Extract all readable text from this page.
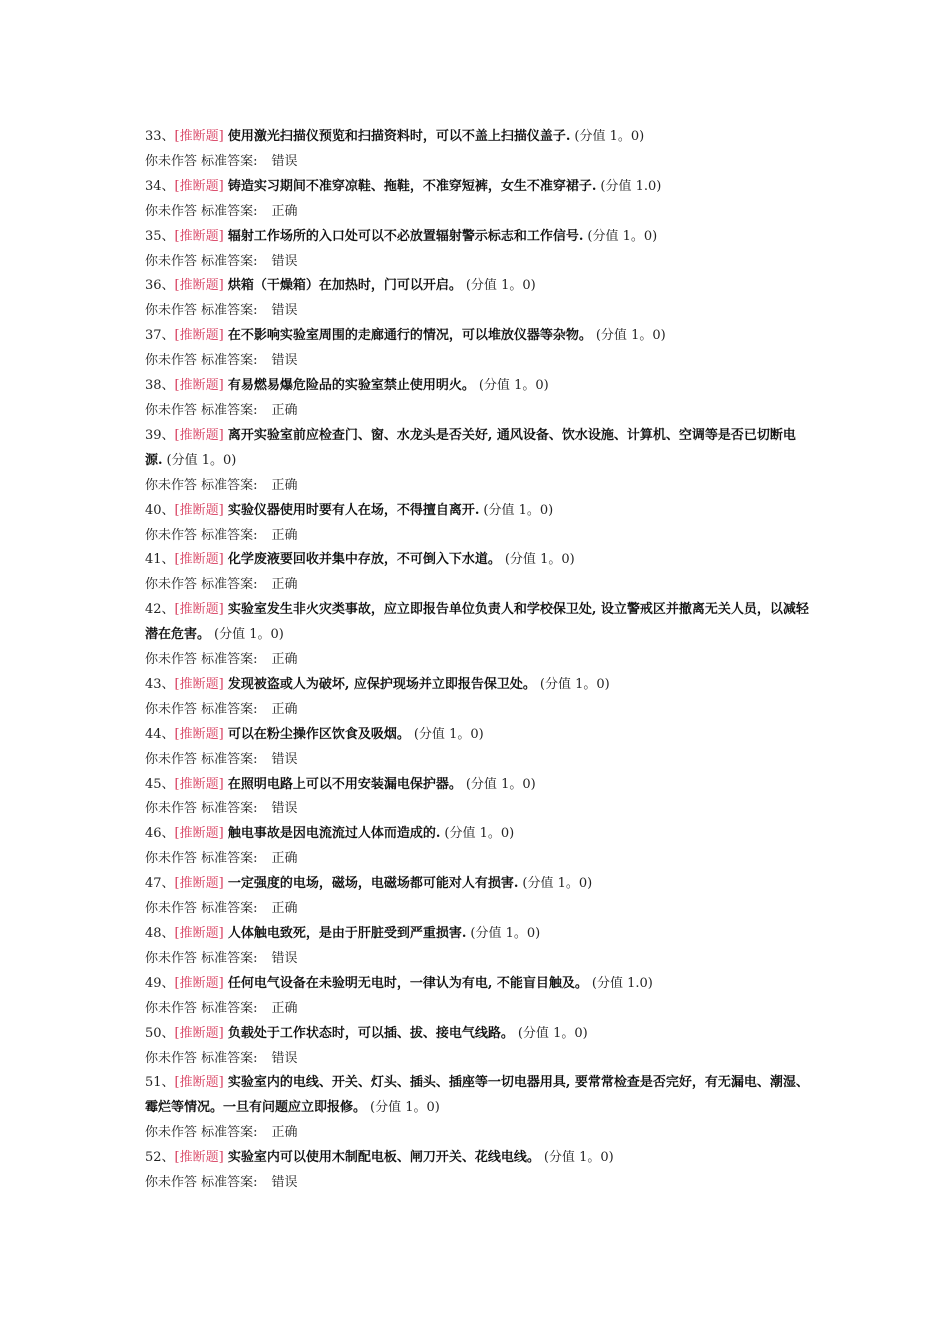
33、[推断题] 使用激光扫描仪预览和扫描资料时，可以不盖上扫描仪盖子. (分值 1。0)

你未作答 标准答案: 错误

34、[推断题] 铸造实习期间不准穿凉鞋、拖鞋，不准穿短裤，女生不准穿裙子. (分值 1.0)

你未作答 标准答案: 正确

35、[推断题] 辐射工作场所的入口处可以不必放置辐射警示标志和工作信号. (分值 1。0)

你未作答 标准答案: 错误

36、[推断题] 烘箱（干燥箱）在加热时，门可以开启。 (分值 1。0)

你未作答 标准答案: 错误

37、[推断题] 在不影响实验室周围的走廊通行的情况，可以堆放仪器等杂物。 (分值 1。0)

你未作答 标准答案: 错误

38、[推断题] 有易燃易爆危险品的实验室禁止使用明火。 (分值 1。0)

你未作答 标准答案: 正确

39、[推断题] 离开实验室前应检查门、窗、水龙头是否关好, 通风设备、饮水设施、计算机、空调等是否已切断电源. (分值 1。0)

你未作答 标准答案: 正确

40、[推断题] 实验仪器使用时要有人在场，不得擅自离开. (分值 1。0)

你未作答 标准答案: 正确

41、[推断题] 化学废液要回收并集中存放，不可倒入下水道。 (分值 1。0)

你未作答 标准答案: 正确

42、[推断题] 实验室发生非火灾类事故，应立即报告单位负责人和学校保卫处, 设立警戒区并撤离无关人员，以减轻潜在危害。 (分值 1。0)

你未作答 标准答案: 正确

43、[推断题] 发现被盗或人为破坏, 应保护现场并立即报告保卫处。 (分值 1。0)

你未作答 标准答案: 正确

44、[推断题] 可以在粉尘操作区饮食及吸烟。 (分值 1。0)

你未作答 标准答案: 错误

45、[推断题] 在照明电路上可以不用安装漏电保护器。 (分值 1。0)

你未作答 标准答案: 错误

46、[推断题] 触电事故是因电流流过人体而造成的. (分值 1。0)

你未作答 标准答案: 正确

47、[推断题] 一定强度的电场，磁场，电磁场都可能对人有损害. (分值 1。0)

你未作答 标准答案: 正确

48、[推断题] 人体触电致死，是由于肝脏受到严重损害. (分值 1。0)

你未作答 标准答案: 错误

49、[推断题] 任何电气设备在未验明无电时，一律认为有电, 不能盲目触及。 (分值 1.0)

你未作答 标准答案: 正确

50、[推断题] 负载处于工作状态时，可以插、拔、接电气线路。 (分值 1。0)

你未作答 标准答案: 错误

51、[推断题] 实验室内的电线、开关、灯头、插头、插座等一切电器用具, 要常常检查是否完好，有无漏电、潮湿、霉烂等情况。一旦有问题应立即报修。 (分值 1。0)

你未作答 标准答案: 正确

52、[推断题] 实验室内可以使用木制配电板、闸刀开关、花线电线。 (分值 1。0)

你未作答 标准答案: 错误
